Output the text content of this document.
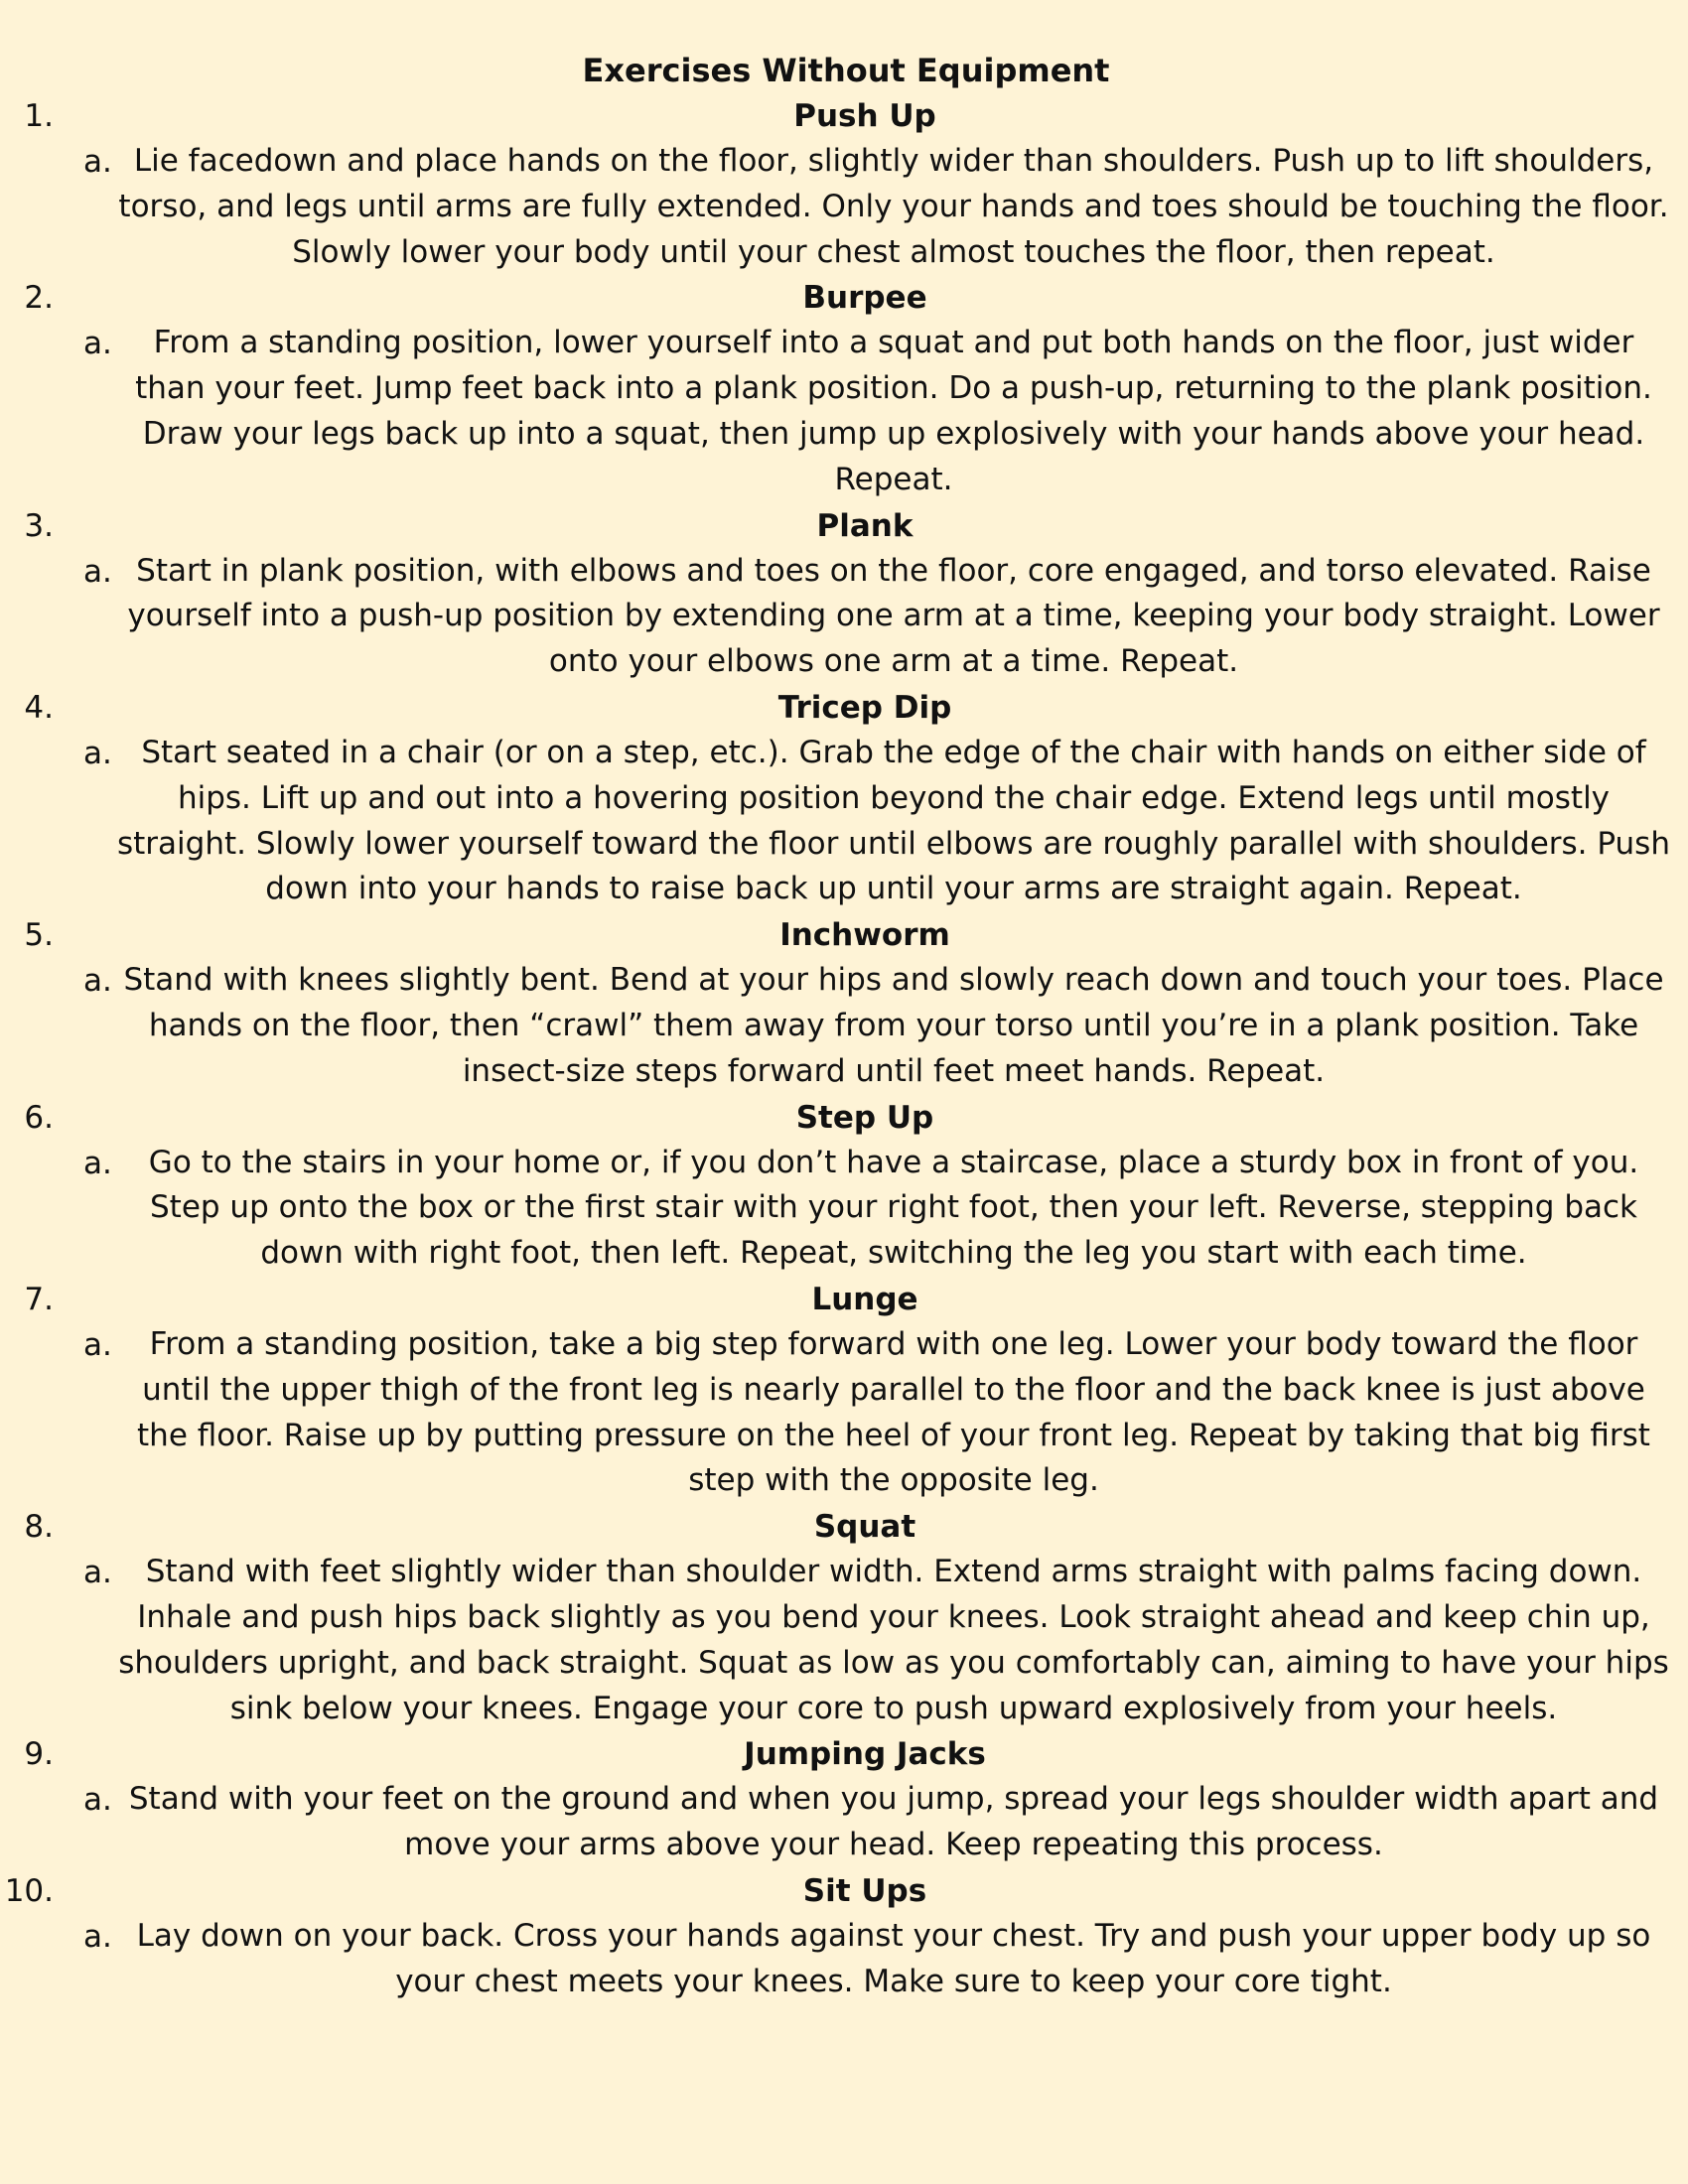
Exercises Without Equipment
1.	Push Up
a. Lie facedown and place hands on the floor, slightly wider than shoulders. Push up to lift shoulders, torso, and legs until arms are fully extended. Only your hands and toes should be touching the floor. Slowly lower your body until your chest almost touches the floor, then repeat.

2.	Burpee
a.	From a standing position, lower yourself into a squat and put both hands on the floor, just wider than your feet. Jump feet back into a plank position. Do a push-up, returning to the plank position. Draw your legs back up into a squat, then jump up explosively with your hands above your head. Repeat.

3.	Plank
a. Start in plank position, with elbows and toes on the floor, core engaged, and torso elevated. Raise yourself into a push-up position by extending one arm at a time, keeping your body straight. Lower onto your elbows one arm at a time. Repeat.

4.	Tricep Dip
a. Start seated in a chair (or on a step, etc.). Grab the edge of the chair with hands on either side of hips. Lift up and out into a hovering position beyond the chair edge. Extend legs until mostly straight. Slowly lower yourself toward the floor until elbows are roughly parallel with shoulders. Push down into your hands to raise back up until your arms are straight again. Repeat.

5.	Inchworm
a. Stand with knees slightly bent. Bend at your hips and slowly reach down and touch your toes. Place hands on the floor, then “crawl” them away from your torso until you’re in a plank position. Take insect-size steps forward until feet meet hands. Repeat.

6.	Step Up
a.	Go to the stairs in your home or, if you don’t have a staircase, place a sturdy box in front of you. Step up onto the box or the first stair with your right foot, then your left. Reverse, stepping back down with right foot, then left. Repeat, switching the leg you start with each time.

7.	Lunge
a.	From a standing position, take a big step forward with one leg. Lower your body toward the floor until the upper thigh of the front leg is nearly parallel to the floor and the back knee is just above the floor. Raise up by putting pressure on the heel of your front leg. Repeat by taking that big first step with the opposite leg.

8.	Squat
a.	Stand with feet slightly wider than shoulder width. Extend arms straight with palms facing down. Inhale and push hips back slightly as you bend your knees. Look straight ahead and keep chin up, shoulders upright, and back straight. Squat as low as you comfortably can, aiming to have your hips sink below your knees. Engage your core to push upward explosively from your heels.

9.	Jumping Jacks
a. Stand with your feet on the ground and when you jump, spread your legs shoulder width apart and move your arms above your head. Keep repeating this process.

10.	Sit Ups
a. Lay down on your back. Cross your hands against your chest. Try and push your upper body up so your chest meets your knees. Make sure to keep your core tight.
